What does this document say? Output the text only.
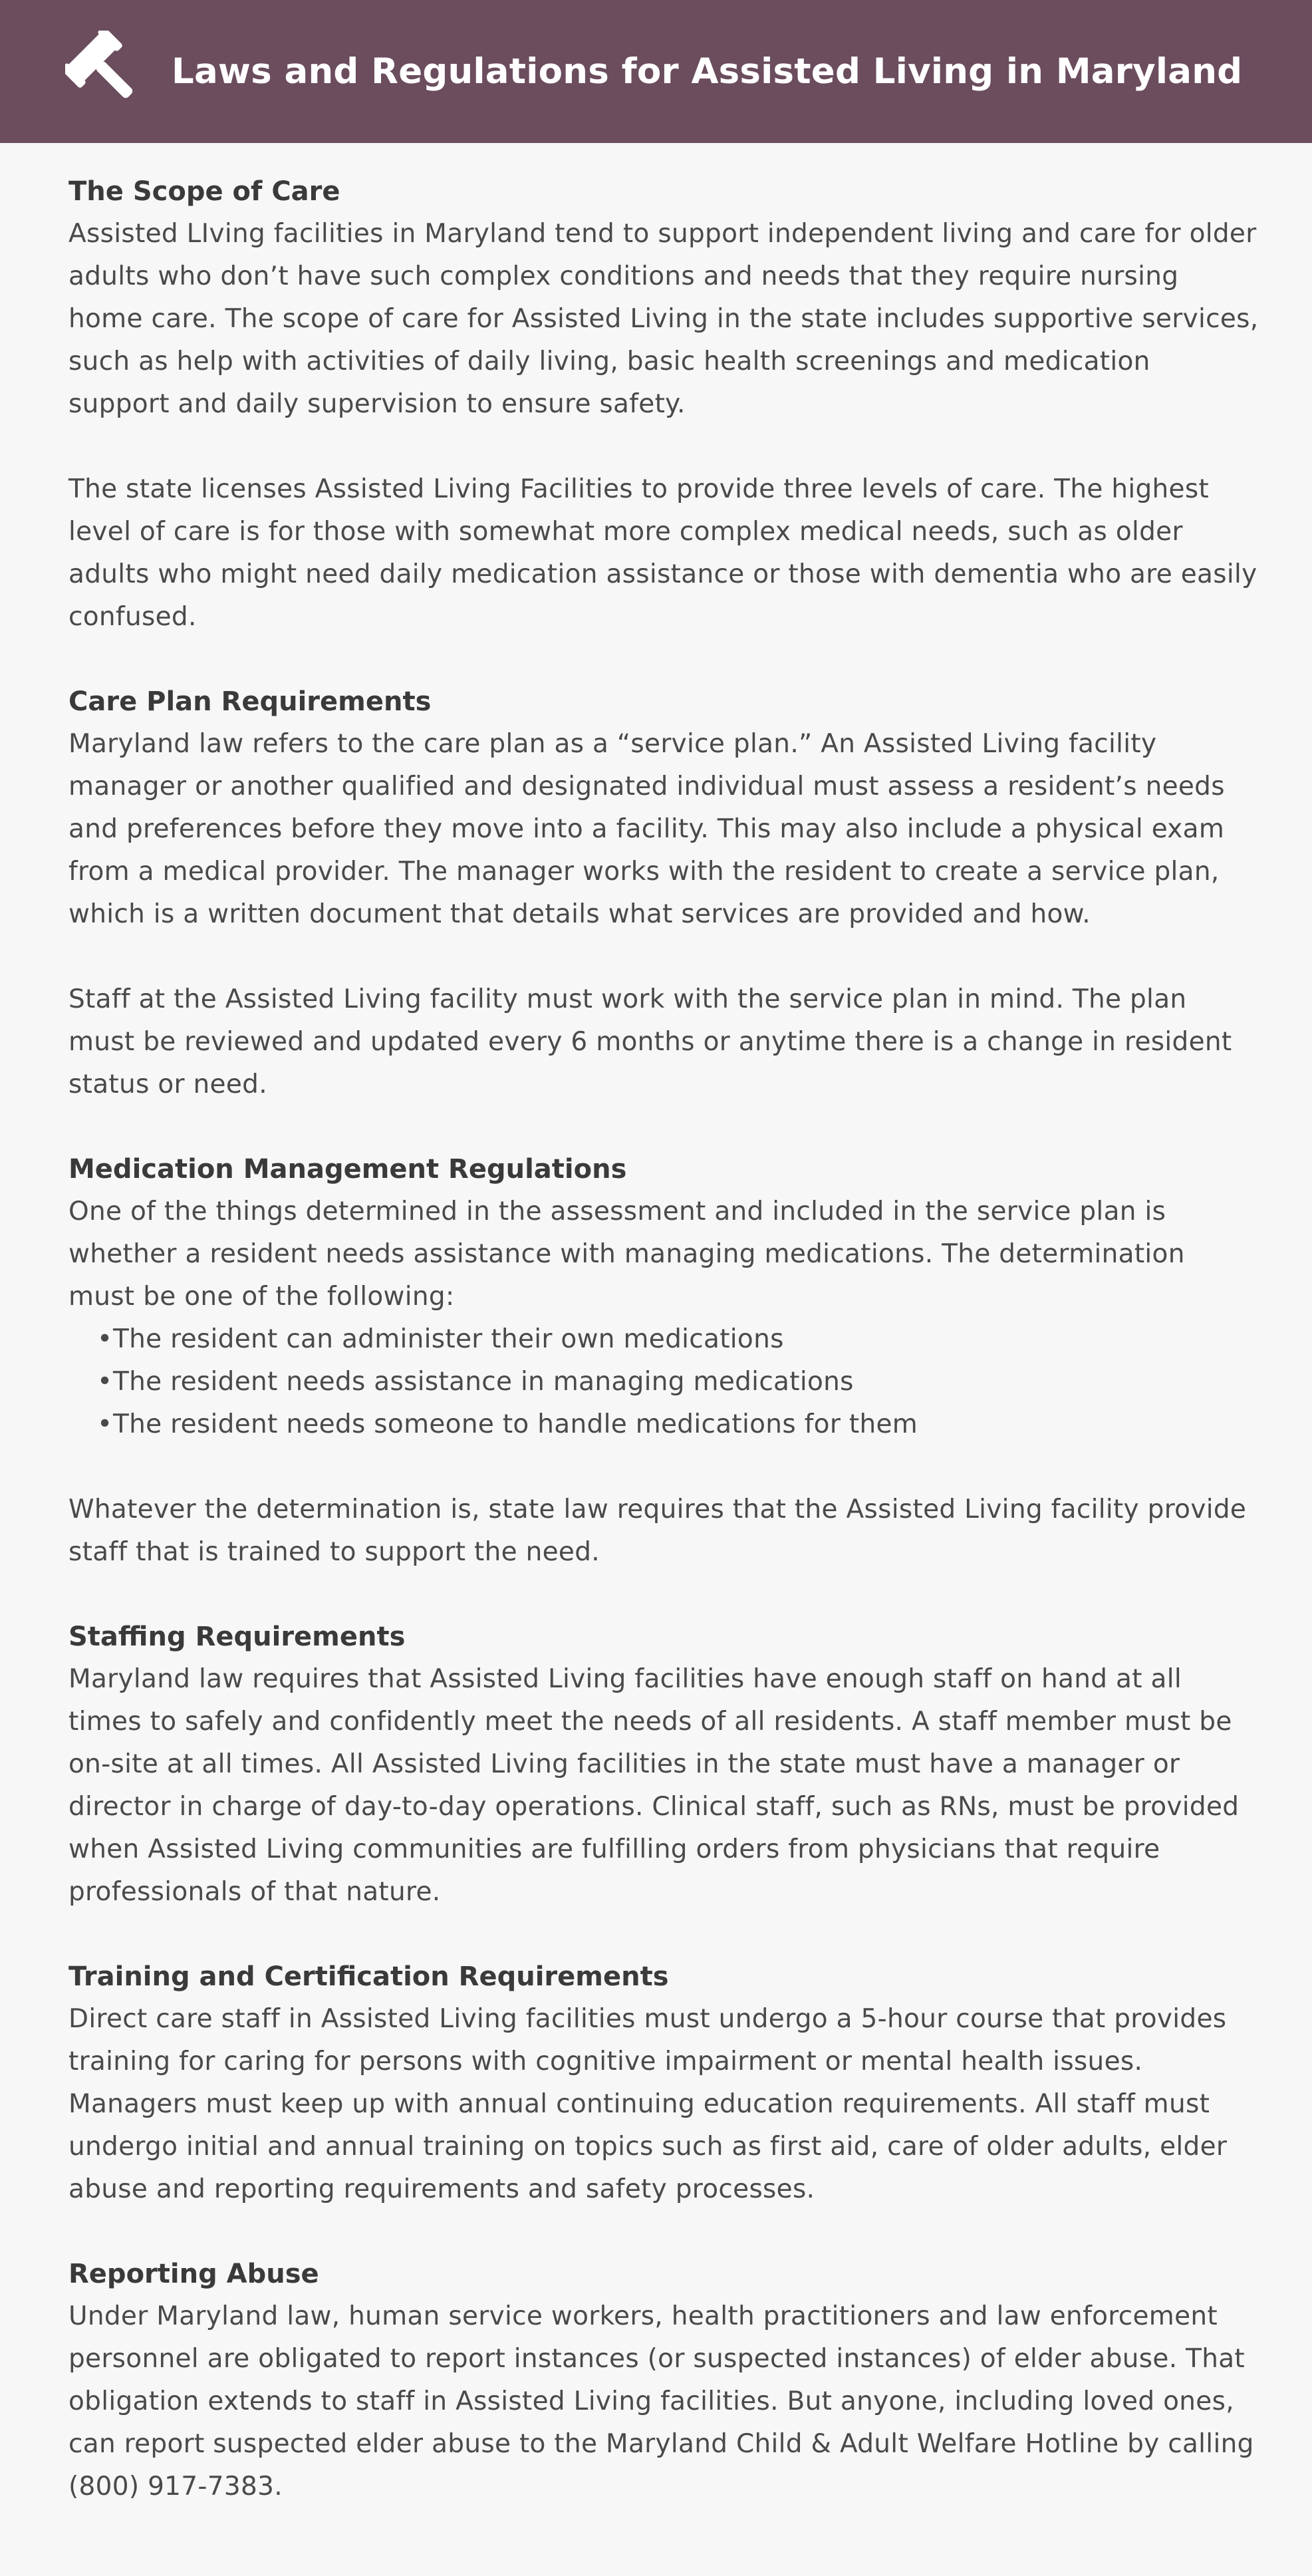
Laws and Regulations for Assisted Living in Maryland
The Scope of Care

Assisted LIving facilities in Maryland tend to support independent living and care for older adults who don’t have such complex conditions and needs that they require nursing home care. The scope of care for Assisted Living in the state includes supportive services, such as help with activities of daily living, basic health screenings and medication support and daily supervision to ensure safety.

The state licenses Assisted Living Facilities to provide three levels of care. The highest level of care is for those with somewhat more complex medical needs, such as older adults who might need daily medication assistance or those with dementia who are easily confused.

Care Plan Requirements

Maryland law refers to the care plan as a “service plan.” An Assisted Living facility manager or another qualified and designated individual must assess a resident’s needs and preferences before they move into a facility. This may also include a physical exam from a medical provider. The manager works with the resident to create a service plan, which is a written document that details what services are provided and how.

Staff at the Assisted Living facility must work with the service plan in mind. The plan must be reviewed and updated every 6 months or anytime there is a change in resident status or need.

Medication Management Regulations

One of the things determined in the assessment and included in the service plan is whether a resident needs assistance with managing medications. The determination must be one of the following:

•The resident can administer their own medications
•The resident needs assistance in managing medications
•The resident needs someone to handle medications for them

Whatever the determination is, state law requires that the Assisted Living facility provide staff that is trained to support the need.

Staffing Requirements

Maryland law requires that Assisted Living facilities have enough staff on hand at all times to safely and confidently meet the needs of all residents. A staff member must be on-site at all times. All Assisted Living facilities in the state must have a manager or director in charge of day-to-day operations. Clinical staff, such as RNs, must be provided when Assisted Living communities are fulfilling orders from physicians that require professionals of that nature.

Training and Certification Requirements

Direct care staff in Assisted Living facilities must undergo a 5-hour course that provides training for caring for persons with cognitive impairment or mental health issues. Managers must keep up with annual continuing education requirements. All staff must undergo initial and annual training on topics such as first aid, care of older adults, elder abuse and reporting requirements and safety processes.

Reporting Abuse

Under Maryland law, human service workers, health practitioners and law enforcement personnel are obligated to report instances (or suspected instances) of elder abuse. That obligation extends to staff in Assisted Living facilities. But anyone, including loved ones, can report suspected elder abuse to the Maryland Child & Adult Welfare Hotline by calling (800) 917-7383.
